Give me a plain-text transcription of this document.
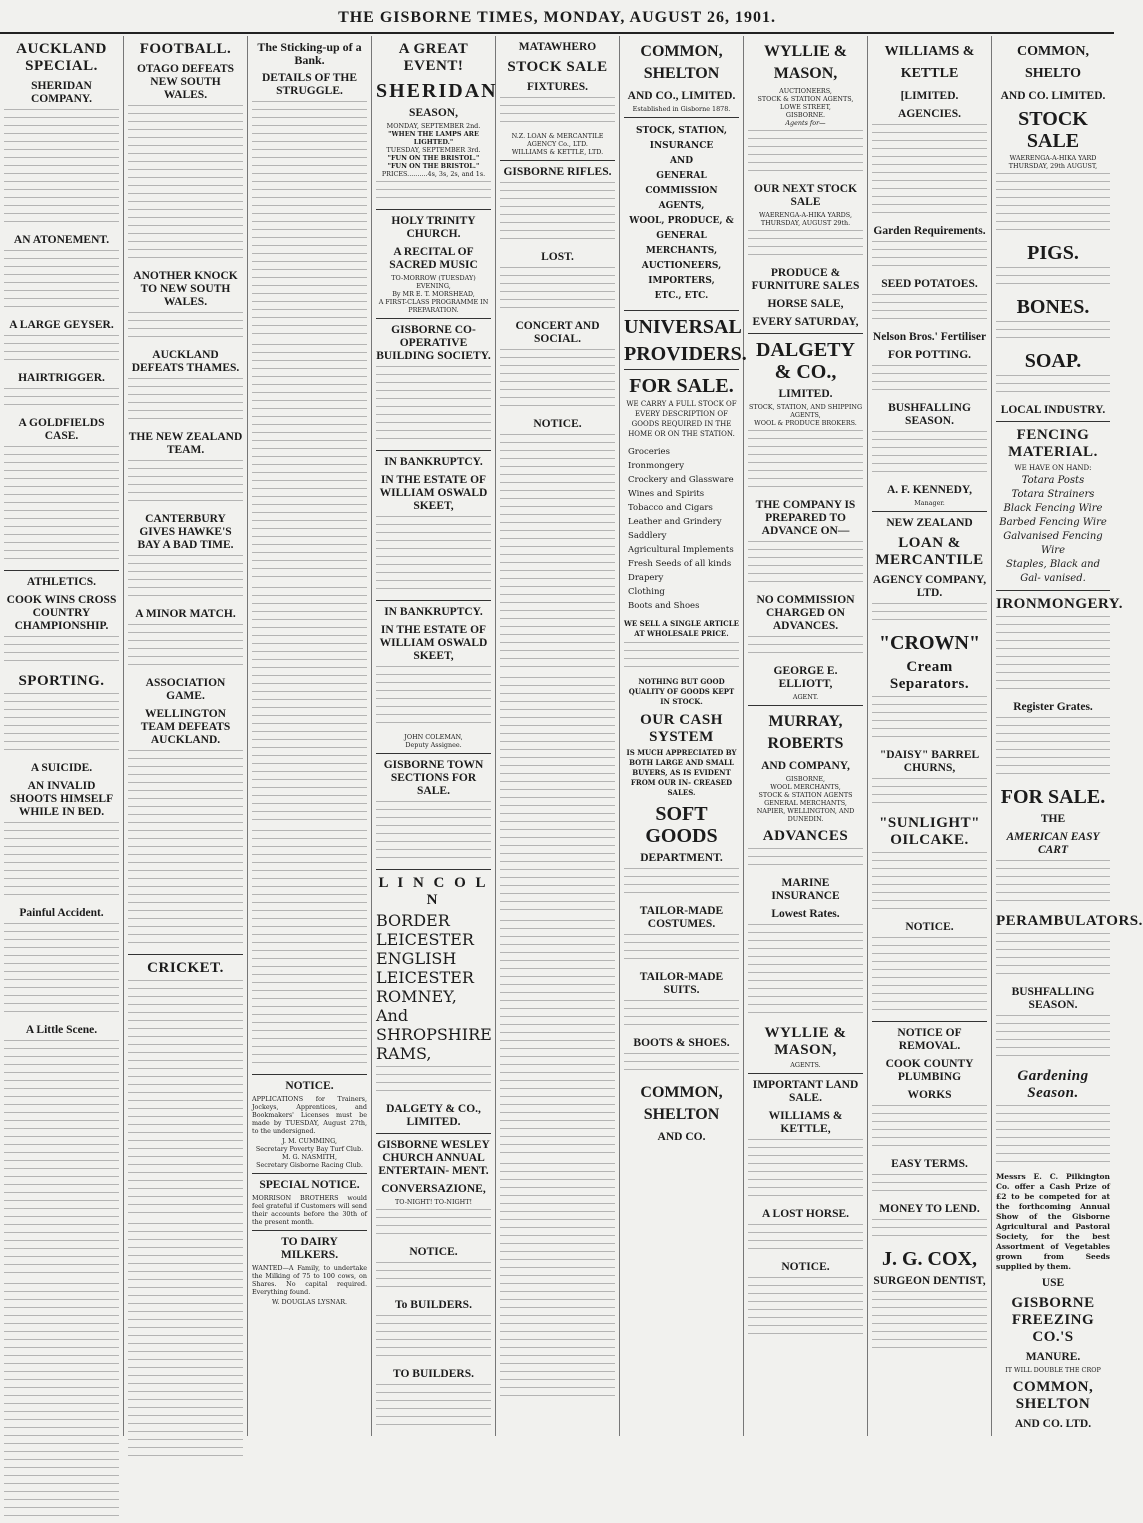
THE GISBORNE TIMES, MONDAY, AUGUST 26, 1901.
AUCKLAND SPECIAL.
SHERIDAN COMPANY.
AN ATONEMENT.
A LARGE GEYSER.
HAIRTRIGGER.
A GOLDFIELDS CASE.
ATHLETICS.
COOK WINS CROSS COUNTRY CHAMPIONSHIP.
SPORTING.
A SUICIDE.
AN INVALID SHOOTS HIMSELF WHILE IN BED.
Painful Accident.
A Little Scene.
FOOTBALL.
OTAGO DEFEATS NEW SOUTH WALES.
ANOTHER KNOCK TO NEW SOUTH WALES.
AUCKLAND DEFEATS THAMES.
THE NEW ZEALAND TEAM.
CANTERBURY GIVES HAWKE'S BAY A BAD TIME.
A MINOR MATCH.
ASSOCIATION GAME.
WELLINGTON TEAM DEFEATS AUCKLAND.
CRICKET.
The Sticking-up of a Bank.
DETAILS OF THE STRUGGLE.
NOTICE.
APPLICATIONS for Trainers, Jockeys, Apprentices, and Bookmakers' Licenses must be made by TUESDAY, August 27th, to the undersigned.
J. M. CUMMING,
Secretary Poverty Bay Turf Club.
M. G. NASMITH,
Secretary Gisborne Racing Club.
SPECIAL NOTICE.
MORRISON BROTHERS would feel grateful if Customers will send their accounts before the 30th of the present month.
TO DAIRY MILKERS.
WANTED—A Family, to undertake the Milking of 75 to 100 cows, on Shares. No capital required. Everything found.
W. DOUGLAS LYSNAR.
A GREAT EVENT!
SHERIDAN
SEASON,
MONDAY, SEPTEMBER 2nd.
"WHEN THE LAMPS ARE LIGHTED."
TUESDAY, SEPTEMBER 3rd.
"FUN ON THE BRISTOL."
"FUN ON THE BRISTOL."
PRICES..........4s, 3s, 2s, and 1s.
HOLY TRINITY CHURCH.
A RECITAL OF SACRED MUSIC
TO-MORROW (TUESDAY) EVENING,
By MR E. T. MORSHEAD,
A FIRST-CLASS PROGRAMME IN PREPARATION.
GISBORNE CO-OPERATIVE BUILDING SOCIETY.
IN BANKRUPTCY.
IN THE ESTATE OF WILLIAM OSWALD SKEET,
IN BANKRUPTCY.
IN THE ESTATE OF WILLIAM OSWALD SKEET,
JOHN COLEMAN,
Deputy Assignee.
GISBORNE TOWN SECTIONS FOR SALE.
L I N C O L N
BORDER LEICESTER
ENGLISH LEICESTER
ROMNEY, And
SHROPSHIRE RAMS,
DALGETY & CO., LIMITED.
GISBORNE WESLEY CHURCH ANNUAL ENTERTAIN- MENT.
CONVERSAZIONE,
TO-NIGHT! TO-NIGHT!
NOTICE.
To BUILDERS.
TO BUILDERS.
MATAWHERO
STOCK SALE
FIXTURES.
N.Z. LOAN & MERCANTILE AGENCY Co., LTD.
WILLIAMS & KETTLE, LTD.
GISBORNE RIFLES.
LOST.
CONCERT AND SOCIAL.
NOTICE.
COMMON, SHELTON
AND CO., LIMITED.
Established in Gisborne 1878.
STOCK, STATION, INSURANCE
AND
GENERAL COMMISSION
AGENTS,
WOOL, PRODUCE, & GENERAL
MERCHANTS,
AUCTIONEERS, IMPORTERS,
ETC., ETC.
UNIVERSAL
PROVIDERS.
FOR SALE.
WE CARRY A FULL STOCK OF EVERY DESCRIPTION OF GOODS REQUIRED IN THE HOME OR ON THE STATION.
Groceries
Ironmongery
Crockery and Glassware
Wines and Spirits
Tobacco and Cigars
Leather and Grindery
Saddlery
Agricultural Implements
Fresh Seeds of all kinds
Drapery
Clothing
Boots and Shoes
WE SELL A SINGLE ARTICLE AT WHOLESALE PRICE.
NOTHING BUT GOOD QUALITY OF GOODS KEPT IN STOCK.
OUR CASH SYSTEM
IS MUCH APPRECIATED BY BOTH LARGE AND SMALL BUYERS, AS IS EVIDENT FROM OUR IN- CREASED SALES.
SOFT GOODS
DEPARTMENT.
TAILOR-MADE COSTUMES.
TAILOR-MADE SUITS.
BOOTS & SHOES.
COMMON, SHELTON
AND CO.
WYLLIE & MASON,
AUCTIONEERS,
STOCK & STATION AGENTS,
LOWE STREET,
GISBORNE.
Agents for—
OUR NEXT STOCK SALE
WAERENGA-A-HIKA YARDS,
THURSDAY, AUGUST 29th.
PRODUCE & FURNITURE SALES
HORSE SALE,
EVERY SATURDAY,
DALGETY & CO.,
LIMITED.
STOCK, STATION, AND SHIPPING AGENTS,
WOOL & PRODUCE BROKERS.
THE COMPANY IS PREPARED TO ADVANCE ON—
NO COMMISSION CHARGED ON ADVANCES.
GEORGE E. ELLIOTT,
AGENT.
MURRAY, ROBERTS
AND COMPANY,
GISBORNE,
WOOL MERCHANTS,
STOCK & STATION AGENTS
GENERAL MERCHANTS,
NAPIER, WELLINGTON, AND DUNEDIN.
ADVANCES
MARINE INSURANCE
Lowest Rates.
WYLLIE & MASON,
AGENTS.
IMPORTANT LAND SALE.
WILLIAMS & KETTLE,
A LOST HORSE.
NOTICE.
WILLIAMS & KETTLE
[LIMITED.
AGENCIES.
Garden Requirements.
SEED POTATOES.
Nelson Bros.' Fertiliser
FOR POTTING.
BUSHFALLING SEASON.
A. F. KENNEDY,
Manager.
NEW ZEALAND
LOAN & MERCANTILE
AGENCY COMPANY, LTD.
"CROWN"
Cream Separators.
"DAISY" BARREL CHURNS,
"SUNLIGHT" OILCAKE.
NOTICE.
NOTICE OF REMOVAL.
COOK COUNTY PLUMBING
WORKS
EASY TERMS.
MONEY TO LEND.
J. G. COX,
SURGEON DENTIST,
COMMON, SHELTO
AND CO. LIMITED.
STOCK SALE
WAERENGA-A-HIKA YARD
THURSDAY, 29th AUGUST,
PIGS.
BONES.
SOAP.
LOCAL INDUSTRY.
FENCING MATERIAL.
WE HAVE ON HAND:
Totara Posts
Totara Strainers
Black Fencing Wire
Barbed Fencing Wire
Galvanised Fencing Wire
Staples, Black and Gal- vanised.
IRONMONGERY.
Register Grates.
FOR SALE.
THE
AMERICAN EASY CART
PERAMBULATORS.
BUSHFALLING SEASON.
Gardening Season.
Messrs E. C. Pilkington Co. offer a Cash Prize of £2 to be competed for at the forthcoming Annual Show of the Gisborne Agricultural and Pastoral Society, for the best Assortment of Vegetables grown from Seeds supplied by them.
USE
GISBORNE FREEZING CO.'S
MANURE.
IT WILL DOUBLE THE CROP
COMMON, SHELTON
AND CO. LTD.
